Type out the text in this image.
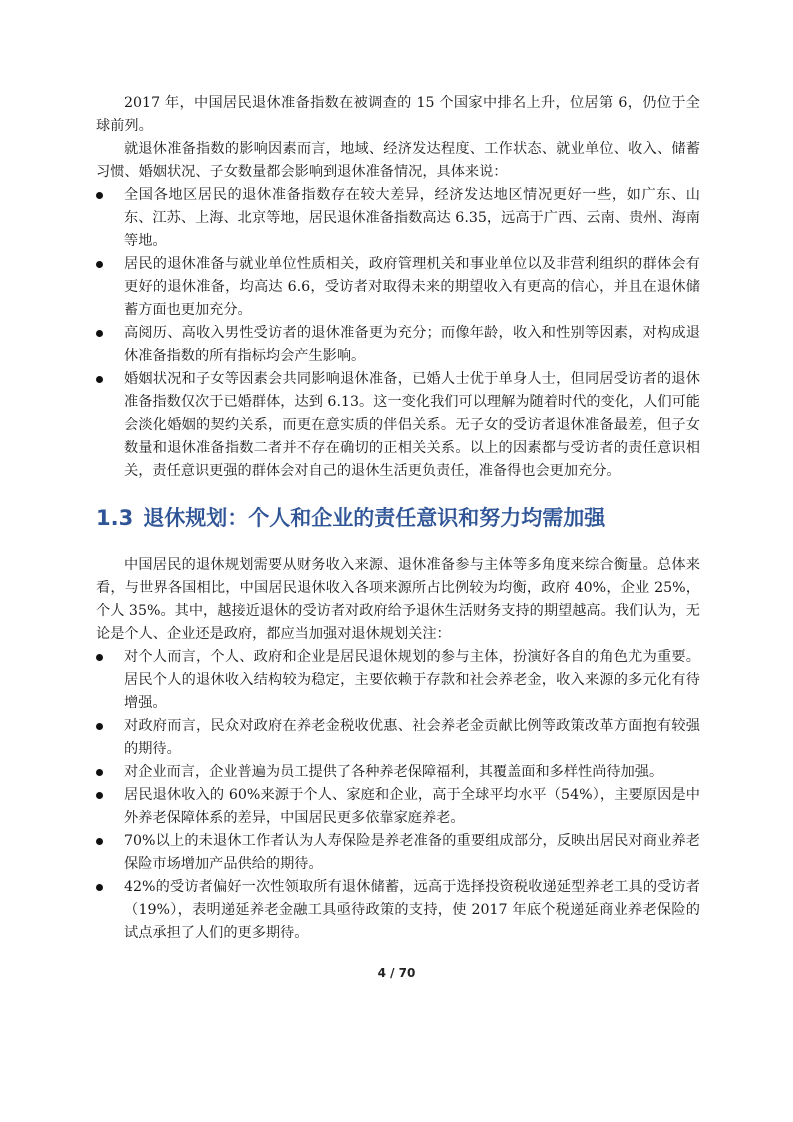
2017 年，中国居民退休准备指数在被调查的 15 个国家中排名上升，位居第 6，仍位于全球前列。

就退休准备指数的影响因素而言，地域、经济发达程度、工作状态、就业单位、收入、储蓄习惯、婚姻状况、子女数量都会影响到退休准备情况，具体来说：

全国各地区居民的退休准备指数存在较大差异，经济发达地区情况更好一些，如广东、山东、江苏、上海、北京等地，居民退休准备指数高达 6.35，远高于广西、云南、贵州、海南等地。
居民的退休准备与就业单位性质相关，政府管理机关和事业单位以及非营利组织的群体会有更好的退休准备，均高达 6.6，受访者对取得未来的期望收入有更高的信心，并且在退休储蓄方面也更加充分。
高阅历、高收入男性受访者的退休准备更为充分；而像年龄，收入和性别等因素，对构成退休准备指数的所有指标均会产生影响。
婚姻状况和子女等因素会共同影响退休准备，已婚人士优于单身人士，但同居受访者的退休准备指数仅次于已婚群体，达到 6.13。这一变化我们可以理解为随着时代的变化，人们可能会淡化婚姻的契约关系，而更在意实质的伴侣关系。无子女的受访者退休准备最差，但子女数量和退休准备指数二者并不存在确切的正相关关系。以上的因素都与受访者的责任意识相关，责任意识更强的群体会对自己的退休生活更负责任，准备得也会更加充分。
1.3 退休规划：个人和企业的责任意识和努力均需加强

中国居民的退休规划需要从财务收入来源、退休准备参与主体等多角度来综合衡量。总体来看，与世界各国相比，中国居民退休收入各项来源所占比例较为均衡，政府 40%，企业 25%，个人 35%。其中，越接近退休的受访者对政府给予退休生活财务支持的期望越高。我们认为，无论是个人、企业还是政府，都应当加强对退休规划关注：

对个人而言，个人、政府和企业是居民退休规划的参与主体，扮演好各自的角色尤为重要。居民个人的退休收入结构较为稳定，主要依赖于存款和社会养老金，收入来源的多元化有待增强。
对政府而言，民众对政府在养老金税收优惠、社会养老金贡献比例等政策改革方面抱有较强的期待。
对企业而言，企业普遍为员工提供了各种养老保障福利，其覆盖面和多样性尚待加强。
居民退休收入的 60%来源于个人、家庭和企业，高于全球平均水平（54%），主要原因是中外养老保障体系的差异，中国居民更多依靠家庭养老。
70%以上的未退休工作者认为人寿保险是养老准备的重要组成部分，反映出居民对商业养老保险市场增加产品供给的期待。
42%的受访者偏好一次性领取所有退休储蓄，远高于选择投资税收递延型养老工具的受访者（19%），表明递延养老金融工具亟待政策的支持，使 2017 年底个税递延商业养老保险的试点承担了人们的更多期待。
4 / 70
